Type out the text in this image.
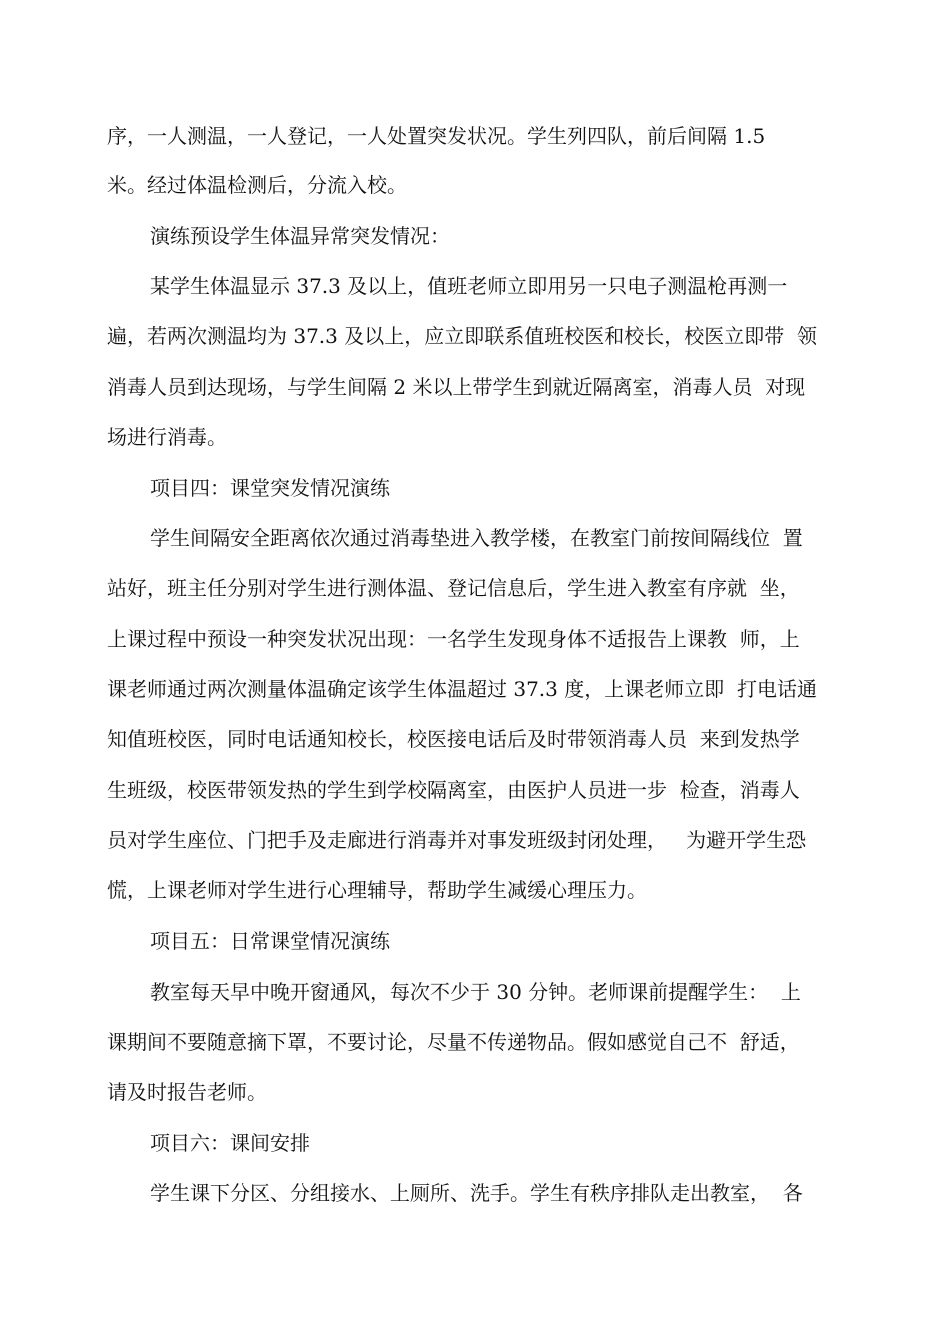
序，一人测温，一人登记，一人处置突发状况。学生列四队，前后间隔 1.5
米。经过体温检测后，分流入校。
演练预设学生体温异常突发情况：
某学生体温显示 37.3 及以上，值班老师立即用另一只电子测温枪再测一
遍，若两次测温均为 37.3 及以上，应立即联系值班校医和校长，校医立即带  领
消毒人员到达现场，与学生间隔 2 米以上带学生到就近隔离室，消毒人员  对现
场进行消毒。
项目四：课堂突发情况演练
学生间隔安全距离依次通过消毒垫进入教学楼，在教室门前按间隔线位  置
站好，班主任分别对学生进行测体温、登记信息后，学生进入教室有序就  坐，
上课过程中预设一种突发状况出现：一名学生发现身体不适报告上课教  师，上
课老师通过两次测量体温确定该学生体温超过 37.3 度，上课老师立即  打电话通
知值班校医，同时电话通知校长，校医接电话后及时带领消毒人员  来到发热学
生班级，校医带领发热的学生到学校隔离室，由医护人员进一步  检查，消毒人
员对学生座位、门把手及走廊进行消毒并对事发班级封闭处理，   为避开学生恐
慌，上课老师对学生进行心理辅导，帮助学生减缓心理压力。
项目五：日常课堂情况演练
教室每天早中晚开窗通风，每次不少于 30 分钟。老师课前提醒学生：  上
课期间不要随意摘下罩，不要讨论，尽量不传递物品。假如感觉自己不  舒适，
请及时报告老师。
项目六：课间安排
学生课下分区、分组接水、上厕所、洗手。学生有秩序排队走出教室，  各
